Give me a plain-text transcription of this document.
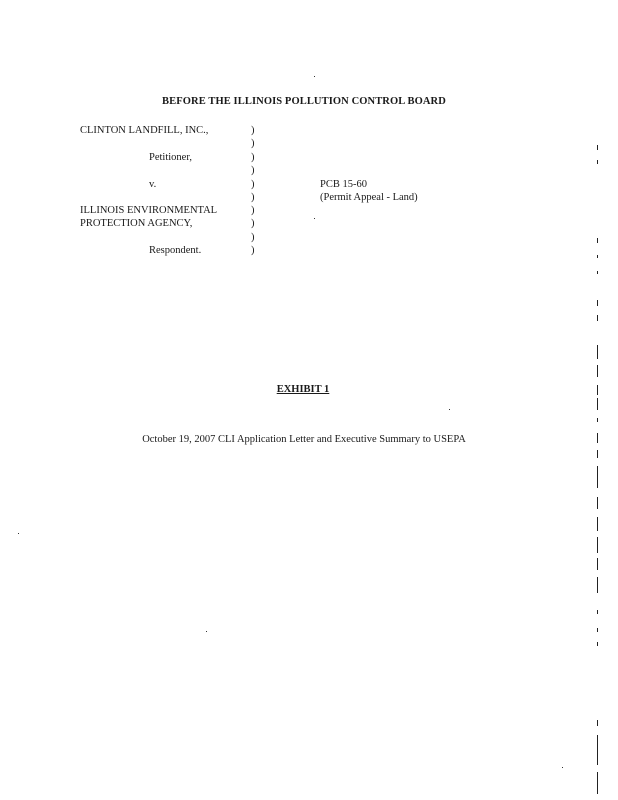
BEFORE THE ILLINOIS POLLUTION CONTROL BOARD
CLINTON LANDFILL, INC.,
Petitioner,
v.
ILLINOIS ENVIRONMENTAL
PROTECTION AGENCY,
Respondent.
)
)
)
)
)
)
)
)
)
)
PCB 15-60
(Permit Appeal - Land)
EXHIBIT 1
October 19, 2007 CLI Application Letter and Executive Summary to USEPA
